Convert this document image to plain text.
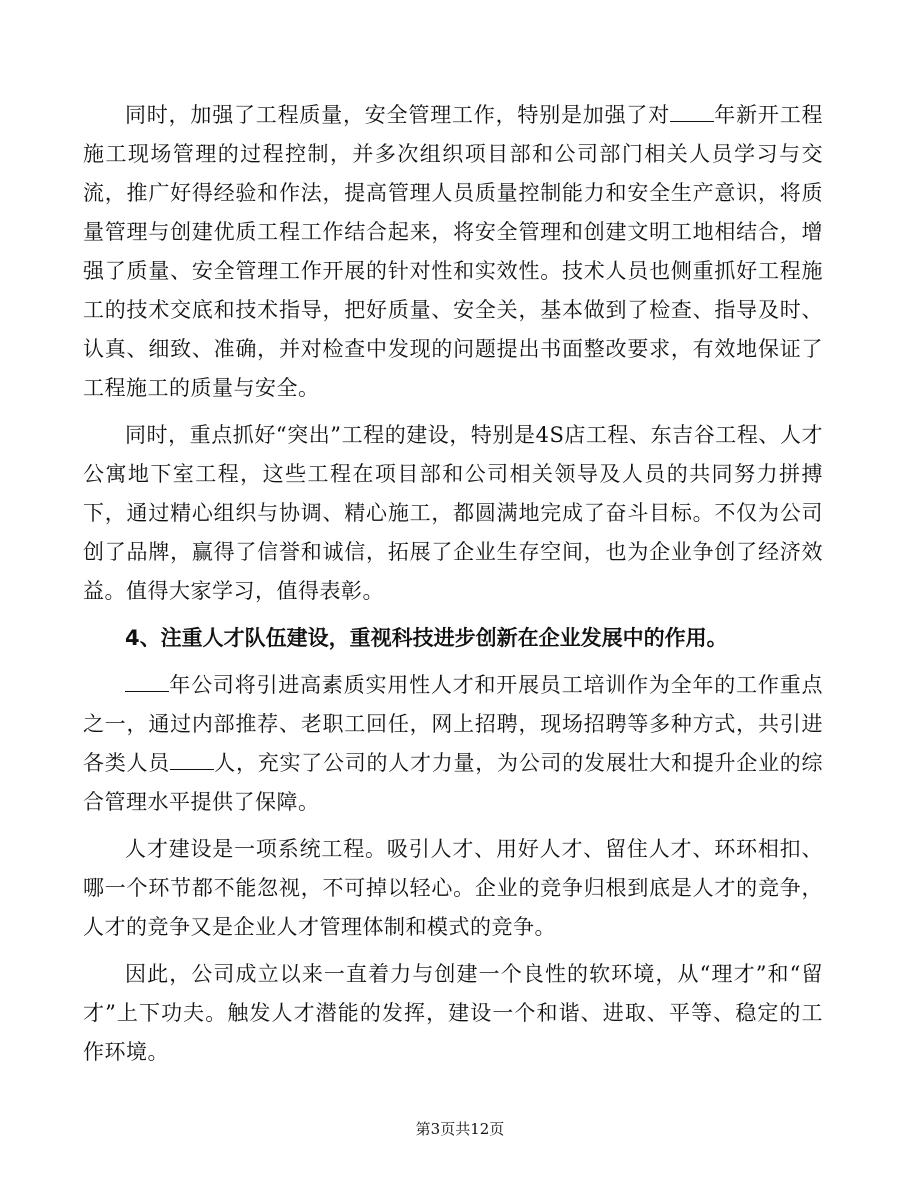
同时，加强了工程质量，安全管理工作，特别是加强了对 年新开工程施工现场管理的过程控制，并多次组织项目部和公司部门相关人员学习与交流，推广好得经验和作法，提高管理人员质量控制能力和安全生产意识，将质量管理与创建优质工程工作结合起来，将安全管理和创建文明工地相结合，增强了质量、安全管理工作开展的针对性和实效性。技术人员也侧重抓好工程施工的技术交底和技术指导，把好质量、安全关，基本做到了检查、指导及时、认真、细致、准确，并对检查中发现的问题提出书面整改要求，有效地保证了工程施工的质量与安全。

同时，重点抓好“突出”工程的建设，特别是4S店工程、东吉谷工程、人才公寓地下室工程，这些工程在项目部和公司相关领导及人员的共同努力拼搏下，通过精心组织与协调、精心施工，都圆满地完成了奋斗目标。不仅为公司创了品牌，赢得了信誉和诚信，拓展了企业生存空间，也为企业争创了经济效益。值得大家学习，值得表彰。

4、注重人才队伍建设，重视科技进步创新在企业发展中的作用。

年公司将引进高素质实用性人才和开展员工培训作为全年的工作重点之一，通过内部推荐、老职工回任，网上招聘，现场招聘等多种方式，共引进各类人员 人，充实了公司的人才力量，为公司的发展壮大和提升企业的综合管理水平提供了保障。

人才建设是一项系统工程。吸引人才、用好人才、留住人才、环环相扣、哪一个环节都不能忽视，不可掉以轻心。企业的竞争归根到底是人才的竞争，人才的竞争又是企业人才管理体制和模式的竞争。

因此，公司成立以来一直着力与创建一个良性的软环境，从“理才”和“留才”上下功夫。触发人才潜能的发挥，建设一个和谐、进取、平等、稳定的工作环境。

第3页共12页
